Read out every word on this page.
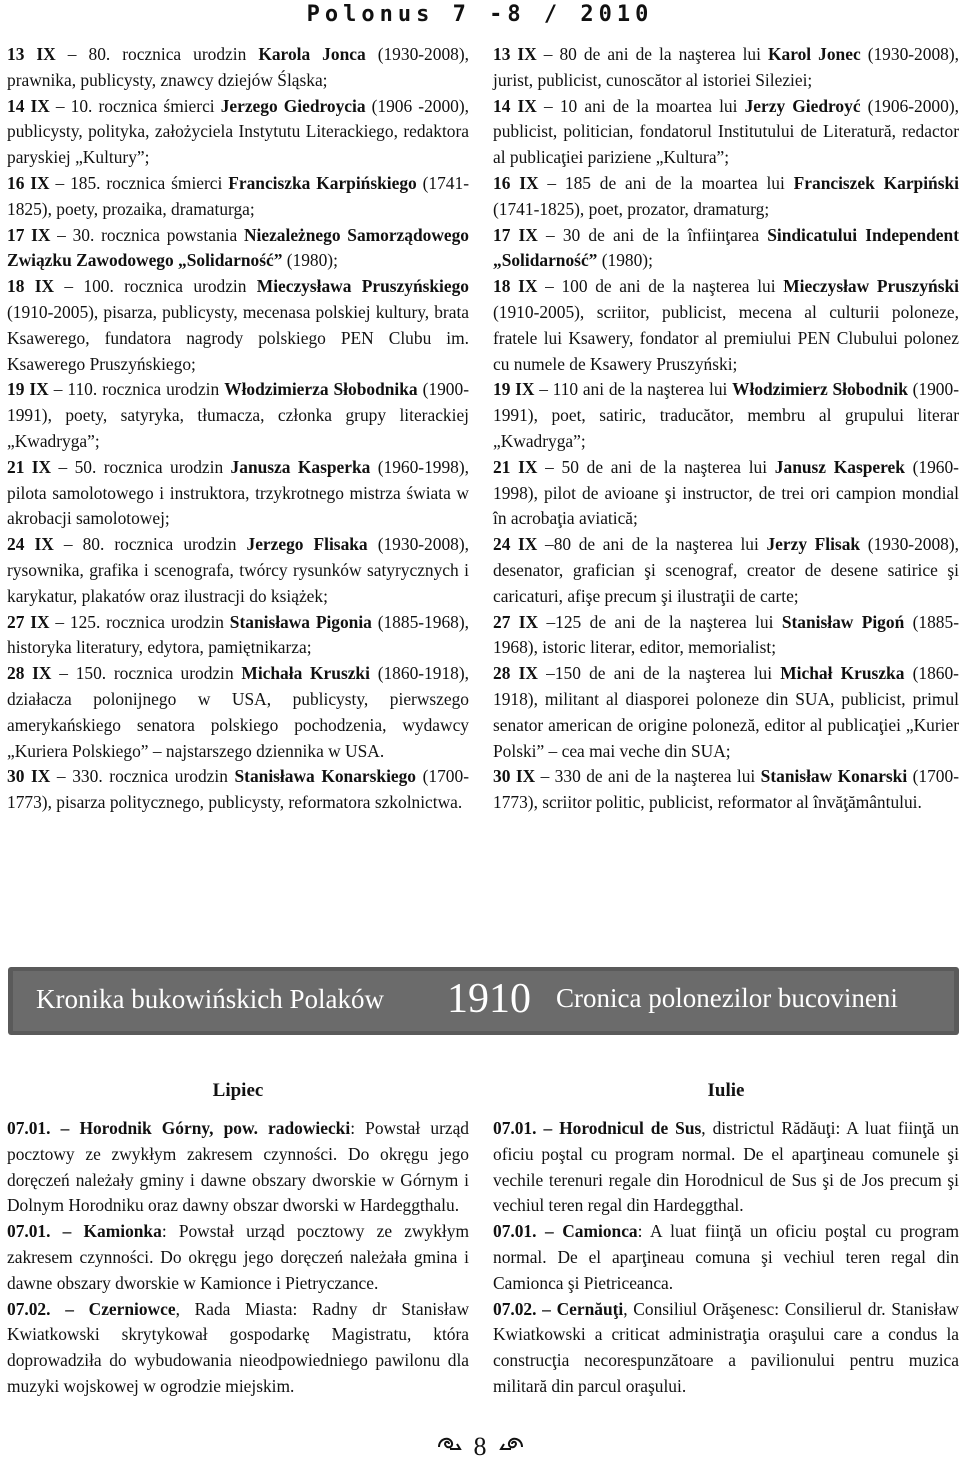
Polonus 7 -8 / 2010

13 IX – 80. rocznica urodzin Karola Jonca (1930-2008), prawnika, publicysty, znawcy dziejów Śląska;

14 IX – 10. rocznica śmierci Jerzego Giedroycia (1906 -2000), publicysty, polityka, założyciela Instytutu Literackiego, redaktora paryskiej „Kultury”;

16 IX – 185. rocznica śmierci Franciszka Karpińskiego (1741-1825), poety, prozaika, dramaturga;

17 IX – 30. rocznica powstania Niezależnego Samorządowego Związku Zawodowego „Solidarność” (1980);

18 IX – 100. rocznica urodzin Mieczysława Pruszyńskiego (1910-2005), pisarza, publicysty, mecenasa polskiej kultury, brata Ksawerego, fundatora nagrody polskiego PEN Clubu im. Ksawerego Pruszyńskiego;

19 IX – 110. rocznica urodzin Włodzimierza Słobodnika (1900-1991), poety, satyryka, tłumacza, członka grupy literackiej „Kwadryga”;

21 IX – 50. rocznica urodzin Janusza Kasperka (1960-1998), pilota samolotowego i instruktora, trzykrotnego mistrza świata w akrobacji samolotowej;

24 IX – 80. rocznica urodzin Jerzego Flisaka (1930-2008), rysownika, grafika i scenografa, twórcy rysunków satyrycznych i karykatur, plakatów oraz ilustracji do książek;

27 IX – 125. rocznica urodzin Stanisława Pigonia (1885-1968), historyka literatury, edytora, pamiętnikarza;

28 IX – 150. rocznica urodzin Michała Kruszki (1860-1918), działacza polonijnego w USA, publicysty, pierwszego amerykańskiego senatora polskiego pochodzenia, wydawcy „Kuriera Polskiego” – najstarszego dziennika w USA.

30 IX – 330. rocznica urodzin Stanisława Konarskiego (1700-1773), pisarza politycznego, publicysty, reformatora szkolnictwa.

13 IX – 80 de ani de la naşterea lui Karol Jonec (1930-2008), jurist, publicist, cunoscător al istoriei Sileziei;

14 IX – 10 ani de la moartea lui Jerzy Giedroyć (1906-2000), publicist, politician, fondatorul Institutului de Literatură, redactor al publicaţiei pariziene „Kultura”;

16 IX – 185 de ani de la moartea lui Franciszek Karpiński (1741-1825), poet, prozator, dramaturg;

17 IX – 30 de ani de la înfiinţarea Sindicatului Independent „Solidarność” (1980);

18 IX – 100 de ani de la naşterea lui Mieczysław Pruszyński (1910-2005), scriitor, publicist, mecena al culturii poloneze, fratele lui Ksawery, fondator al premiului PEN Clubului polonez cu numele de Ksawery Pruszyński;

19 IX – 110 ani de la naşterea lui Włodzimierz Słobodnik (1900-1991), poet, satiric, traducător, membru al grupului literar „Kwadryga”;

21 IX – 50 de ani de la naşterea lui Janusz Kasperek (1960-1998), pilot de avioane şi instructor, de trei ori campion mondial în acrobaţia aviatică;

24 IX –80 de ani de la naşterea lui Jerzy Flisak (1930-2008), desenator, grafician şi scenograf, creator de desene satirice şi caricaturi, afişe precum şi ilustraţii de carte;

27 IX –125 de ani de la naşterea lui Stanisław Pigoń (1885-1968), istoric literar, editor, memorialist;

28 IX –150 de ani de la naşterea lui Michał Kruszka (1860-1918), militant al diasporei poloneze din SUA, publicist, primul senator american de origine poloneză, editor al publicaţiei „Kurier Polski” – cea mai veche din SUA;

30 IX – 330 de ani de la naşterea lui Stanisław Konarski (1700-1773), scriitor politic, publicist, reformator al învăţământului.

Kronika bukowińskich Polaków 1910 Cronica polonezilor bucovineni
Lipiec	Iulie

07.01. – Horodnik Górny, pow. radowiecki: Powstał urząd pocztowy ze zwykłym zakresem czynności. Do okręgu jego doręczeń należały gminy i dawne obszary dworskie w Górnym i Dolnym Horodniku oraz dawny obszar dworski w Hardeggthalu.

07.01. – Kamionka: Powstał urząd pocztowy ze zwykłym zakresem czynności. Do okręgu jego doręczeń należała gmina i dawne obszary dworskie w Kamionce i Pietryczance.

07.02. – Czerniowce, Rada Miasta: Radny dr Stanisław Kwiatkowski skrytykował gospodarkę Magistratu, która doprowadziła do wybudowania nieodpowiedniego pawilonu dla muzyki wojskowej w ogrodzie miejskim.

07.01. – Horodnicul de Sus, districtul Rădăuţi: A luat fiinţă un oficiu poştal cu program normal. De el aparţineau comunele şi vechile terenuri regale din Horodnicul de Sus şi de Jos precum şi vechiul teren regal din Hardeggthal.

07.01. – Camionca: A luat fiinţă un oficiu poştal cu program normal. De el aparţineau comuna şi vechiul teren regal din Camionca şi Pietriceanca.

07.02. – Cernăuţi, Consiliul Orăşenesc: Consilierul dr. Stanisław Kwiatkowski a criticat administraţia oraşului care a condus la construcţia necorespunzătoare a pavilionului pentru muzica militară din parcul oraşului.

8
